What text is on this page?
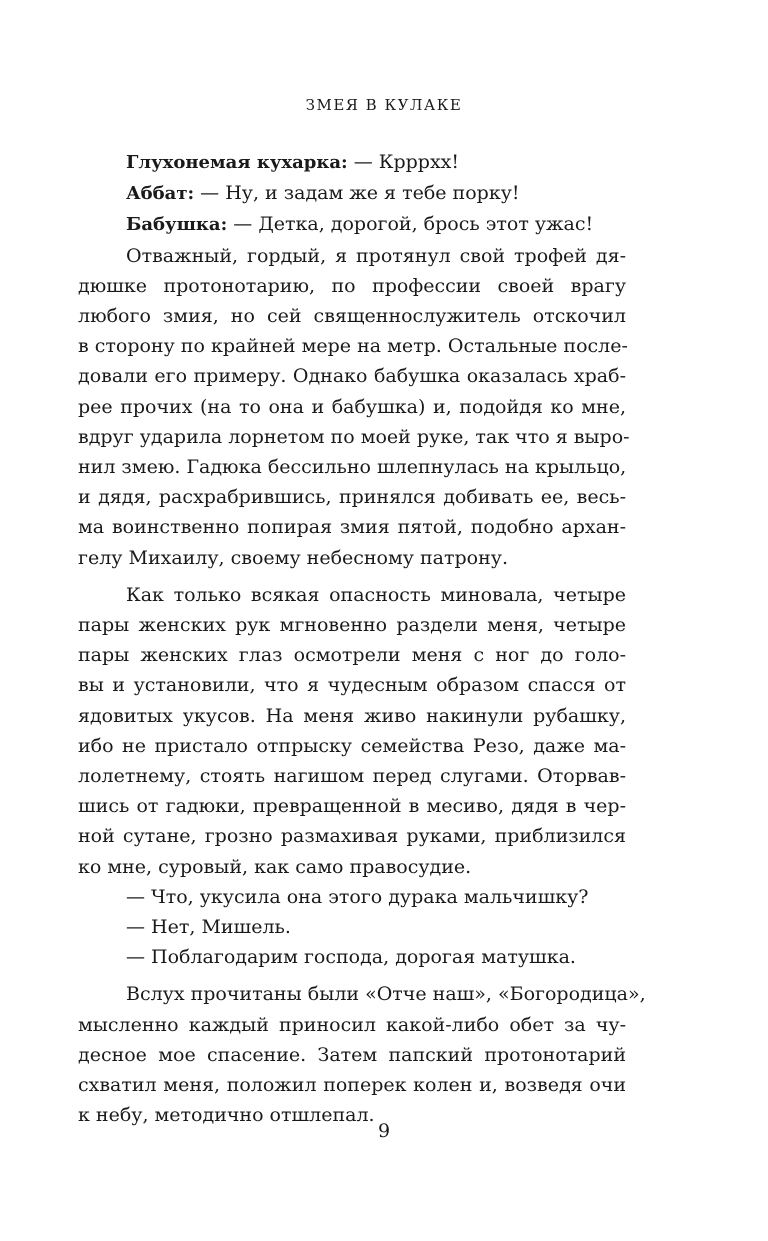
ЗМЕЯ В КУЛАКЕ
9
Глухонемая кухарка: — Крррхх!
Аббат: — Ну, и задам же я тебе порку!
Бабушка: — Детка, дорогой, брось этот ужас!
Отважный, гордый, я протянул свой трофей дя-
дюшке протонотарию, по профессии своей врагу
любого змия, но сей священнослужитель отскочил
в сторону по крайней мере на метр. Остальные после-
довали его примеру. Однако бабушка оказалась храб-
рее прочих (на то она и бабушка) и, подойдя ко мне,
вдруг ударила лорнетом по моей руке, так что я выро-
нил змею. Гадюка бессильно шлепнулась на крыльцо,
и дядя, расхрабрившись, принялся добивать ее, весь-
ма воинственно попирая змия пятой, подобно архан-
гелу Михаилу, своему небесному патрону.
Как только всякая опасность миновала, четыре
пары женских рук мгновенно раздели меня, четыре
пары женских глаз осмотрели меня с ног до голо-
вы и установили, что я чудесным образом спасся от
ядовитых укусов. На меня живо накинули рубашку,
ибо не пристало отпрыску семейства Резо, даже ма-
лолетнему, стоять нагишом перед слугами. Оторвав-
шись от гадюки, превращенной в месиво, дядя в чер-
ной сутане, грозно размахивая руками, приблизился
ко мне, суровый, как само правосудие.
— Что, укусила она этого дурака мальчишку?
— Нет, Мишель.
— Поблагодарим господа, дорогая матушка.
Вслух прочитаны были «Отче наш», «Богородица»,
мысленно каждый приносил какой-либо обет за чу-
десное мое спасение. Затем папский протонотарий
схватил меня, положил поперек колен и, возведя очи
к небу, методично отшлепал.
